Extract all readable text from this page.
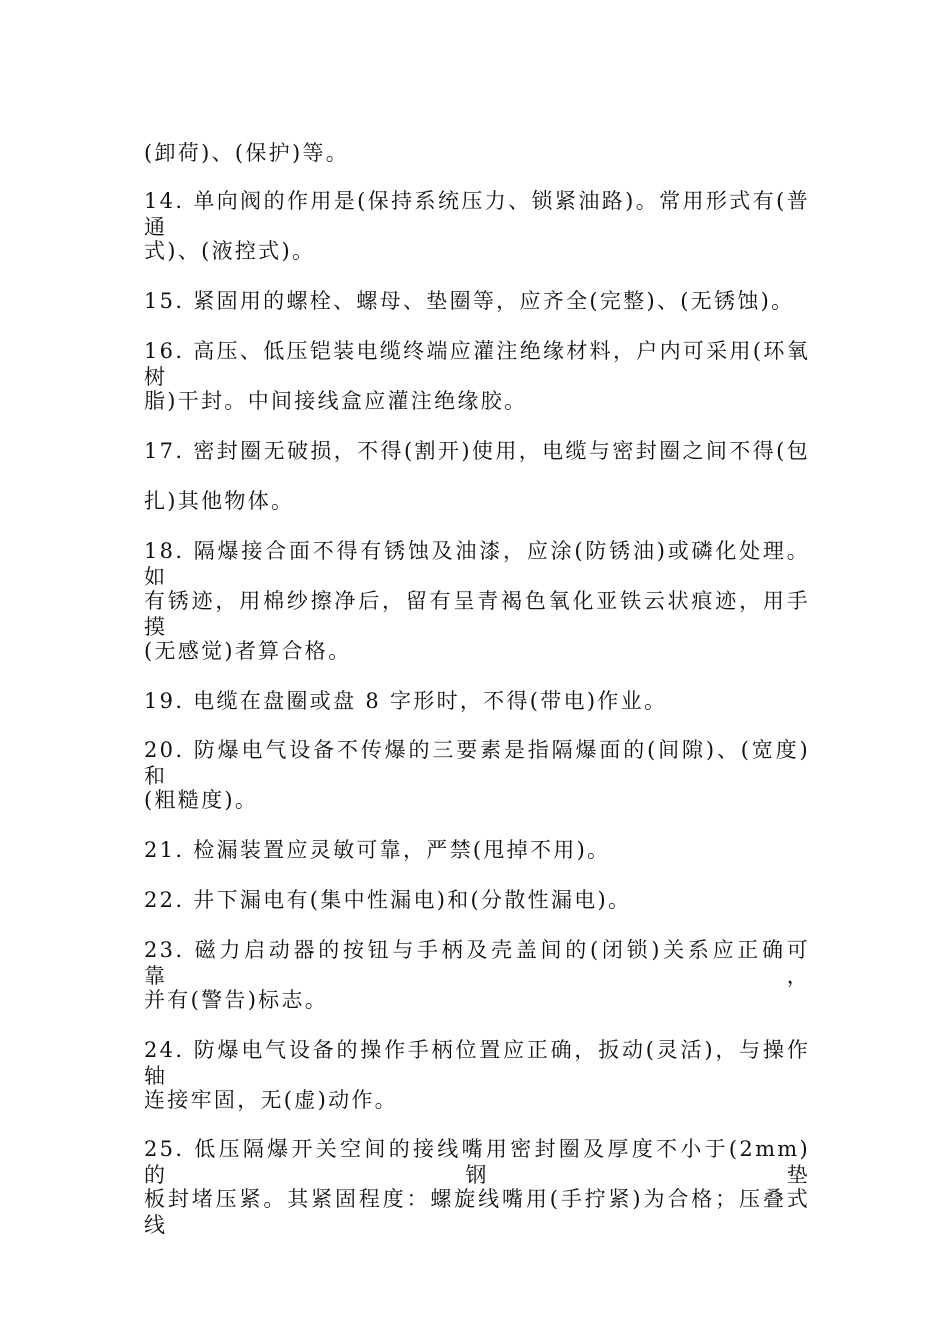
(卸荷)、(保护)等。
14. 单向阀的作用是(保持系统压力、锁紧油路)。常用形式有(普通
式)、(液控式)。
15. 紧固用的螺栓、螺母、垫圈等，应齐全(完整)、(无锈蚀)。
16. 高压、低压铠装电缆终端应灌注绝缘材料，户内可采用(环氧树
脂)干封。中间接线盒应灌注绝缘胶。
17. 密封圈无破损，不得(割开)使用，电缆与密封圈之间不得(包
扎)其他物体。
18. 隔爆接合面不得有锈蚀及油漆，应涂(防锈油)或磷化处理。如
有锈迹，用棉纱擦净后，留有呈青褐色氧化亚铁云状痕迹，用手摸
(无感觉)者算合格。
19. 电缆在盘圈或盘 8 字形时，不得(带电)作业。
20. 防爆电气设备不传爆的三要素是指隔爆面的(间隙)、(宽度)和
(粗糙度)。
21. 检漏装置应灵敏可靠，严禁(甩掉不用)。
22. 井下漏电有(集中性漏电)和(分散性漏电)。
23. 磁力启动器的按钮与手柄及壳盖间的(闭锁)关系应正确可靠，
并有(警告)标志。
24. 防爆电气设备的操作手柄位置应正确，扳动(灵活)，与操作轴
连接牢固，无(虚)动作。
25. 低压隔爆开关空间的接线嘴用密封圈及厚度不小于(2mm)的钢垫
板封堵压紧。其紧固程度：螺旋线嘴用(手拧紧)为合格；压叠式线
